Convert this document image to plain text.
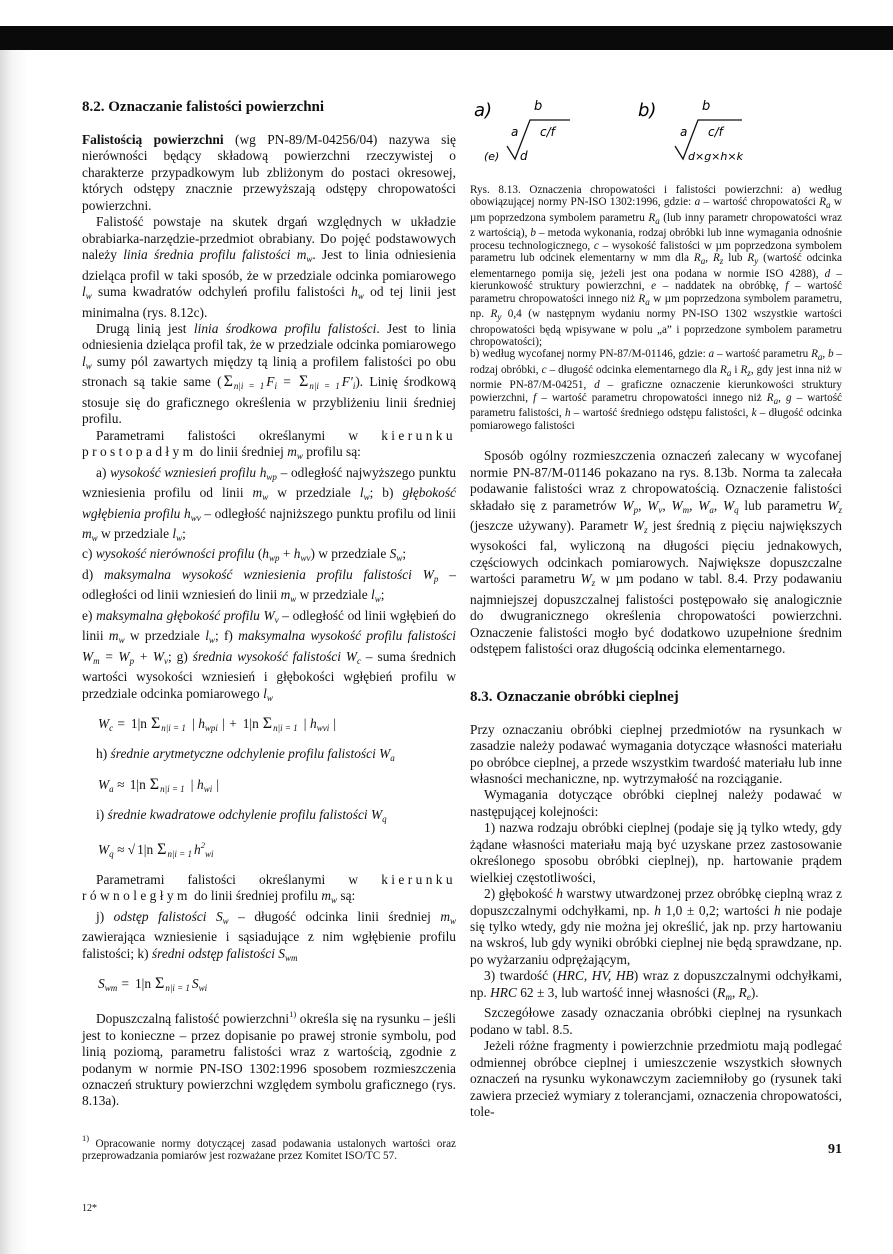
8.2. Oznaczanie falistości powierzchni

Falistością powierzchni (wg PN-89/M-04256/04) nazywa się nierówności będący składową powierzchni rzeczywistej o charakterze przypadkowym lub zbliżonym do postaci okresowej, których odstępy znacznie przewyższają odstępy chropowatości powierzchni.

Falistość powstaje na skutek drgań względnych w układzie obrabiarka-narzędzie-przedmiot obrabiany. Do pojęć podstawowych należy linia średnia profilu falistości $m_w$. Jest to linia odniesienia dzieląca profil w taki sposób, że w przedziale odcinka pomiarowego $l_w$ suma kwadratów odchyleń profilu falistości $h_w$ od tej linii jest minimalna (rys. 8.12c).

Drugą linią jest linia środkowa profilu falistości. Jest to linia odniesienia dzieląca profil tak, że w przedziale odcinka pomiarowego $l_w$ sumy pól zawartych między tą linią a profilem falistości po obu stronach są takie same ( $\Sigma_{n|i = 1}$ $F_i = \Sigma_{n|i = 1}$ $F'_i$). Linię środkową stosuje się do graficznego określenia w przybliżeniu linii średniej profilu.

Parametrami falistości określanymi w kierunku prostopadłym do linii średniej $m_w$ profilu są:

a) wysokość wzniesień profilu $h_{wp}$ – odległość najwyższego punktu wzniesienia profilu od linii $m_w$ w przedziale $l_w$; b) głębokość wgłębienia profilu $h_{wv}$ – odległość najniższego punktu profilu od linii $m_w$ w przedziale $l_w$;

c) wysokość nierówności profilu $(h_{wp} + h_{wv})$ w przedziale $S_w$;

d) maksymalna wysokość wzniesienia profilu falistości $W_p$ – odległości od linii wzniesień do linii $m_w$ w przedziale $l_w$;

e) maksymalna głębokość profilu $W_v$ – odległość od linii wgłębień do linii $m_w$ w przedziale $l_w$; f) maksymalna wysokość profilu falistości $W_m = W_p + W_v$; g) średnia wysokość falistości $W_c$ – suma średnich wartości wysokości wzniesień i głębokości wgłębień profilu w przedziale odcinka pomiarowego $l_w$

$W_c = 1|n$ $\Sigma_{n|i = 1}$ | $h_{wpi}$ | + 1|n $\Sigma_{n|i = 1}$ | $h_{wvi}$ |

h) średnie arytmetyczne odchylenie profilu falistości $W_a$

$W_a \approx 1|n$ $\Sigma_{n|i = 1}$ | $h_{wi}$ |

i) średnie kwadratowe odchylenie profilu falistości $W_q$

$W_q$ ≈ √ 1|n $\Sigma_{n|i = 1}$ $h^2_{wi}$

Parametrami falistości określanymi w kierunku równoległym do linii średniej profilu $m_w$ są:

j) odstęp falistości $S_w$ – długość odcinka linii średniej $m_w$ zawierająca wzniesienie i sąsiadujące z nim wgłębienie profilu falistości; k) średni odstęp falistości $S_{wm}$

$S_{wm} = 1|n$ $\Sigma_{n|i = 1}$ $S_{wi}$

Dopuszczalną falistość powierzchni$^{1)}$ określa się na rysunku – jeśli jest to konieczne – przez dopisanie po prawej stronie symbolu, pod linią poziomą, parametru falistości wraz z wartością, zgodnie z podanym w normie PN-ISO 1302:1996 sposobem rozmieszczenia oznaczeń struktury powierzchni względem symbolu graficznego (rys. 8.13a).

$^{1)}$ Opracowanie normy dotyczącej zasad podawania ustalonych wartości oraz przeprowadzania pomiarów jest rozważane przez Komitet ISO/TC 57.
12*
a)	b
a c/f
(e) d
b)	b
a c/f
d×g×h×k

Rys. 8.13. Oznaczenia chropowatości i falistości powierzchni: a) według obowiązującej normy PN-ISO 1302:1996, gdzie: a – wartość chropowatości $R_a$ w µm poprzedzona symbolem parametru $R_a$ (lub inny parametr chropowatości wraz z wartością), b – metoda wykonania, rodzaj obróbki lub inne wymagania odnośnie procesu technologicznego, c – wysokość falistości w µm poprzedzona symbolem parametru lub odcinek elementarny w mm dla $R_a$, $R_z$ lub $R_y$ (wartość odcinka elementarnego pomija się, jeżeli jest ona podana w normie ISO 4288), d – kierunkowość struktury powierzchni, e – naddatek na obróbkę, f – wartość parametru chropowatości innego niż $R_a$ w µm poprzedzona symbolem parametru, np. $R_y$ 0,4 (w następnym wydaniu normy PN-ISO 1302 wszystkie wartości chropowatości będą wpisywane w polu „a” i poprzedzone symbolem parametru chropowatości);

b) według wycofanej normy PN-87/M-01146, gdzie: a – wartość parametru $R_a$, b – rodzaj obróbki, c – długość odcinka elementarnego dla $R_a$ i $R_z$, gdy jest inna niż w normie PN-87/M-04251, d – graficzne oznaczenie kierunkowości struktury powierzchni, f – wartość parametru chropowatości innego niż $R_a$, g – wartość parametru falistości, h – wartość średniego odstępu falistości, k – długość odcinka pomiarowego falistości

Sposób ogólny rozmieszczenia oznaczeń zalecany w wycofanej normie PN-87/M-01146 pokazano na rys. 8.13b. Norma ta zalecała podawanie falistości wraz z chropowatością. Oznaczenie falistości składało się z parametrów $W_p$, $W_v$, $W_m$, $W_a$, $W_q$ lub parametru $W_z$ (jeszcze używany). Parametr $W_z$ jest średnią z pięciu największych wysokości fal, wyliczoną na długości pięciu jednakowych, częściowych odcinkach pomiarowych. Największe dopuszczalne wartości parametru $W_z$ w µm podano w tabl. 8.4. Przy podawaniu najmniejszej dopuszczalnej falistości postępowało się analogicznie do dwugranicznego określenia chropowatości powierzchni. Oznaczenie falistości mogło być dodatkowo uzupełnione średnim odstępem falistości oraz długością odcinka elementarnego.

8.3. Oznaczanie obróbki cieplnej

Przy oznaczaniu obróbki cieplnej przedmiotów na rysunkach w zasadzie należy podawać wymagania dotyczące własności materiału po obróbce cieplnej, a przede wszystkim twardość materiału lub inne własności mechaniczne, np. wytrzymałość na rozciąganie.

Wymagania dotyczące obróbki cieplnej należy podawać w następującej kolejności:

1) nazwa rodzaju obróbki cieplnej (podaje się ją tylko wtedy, gdy żądane własności materiału mają być uzyskane przez zastosowanie określonego sposobu obróbki cieplnej), np. hartowanie prądem wielkiej częstotliwości,

2) głębokość h warstwy utwardzonej przez obróbkę cieplną wraz z dopuszczalnymi odchyłkami, np. h 1,0 ± 0,2; wartości h nie podaje się tylko wtedy, gdy nie można jej określić, jak np. przy hartowaniu na wskroś, lub gdy wyniki obróbki cieplnej nie będą sprawdzane, np. po wyżarzaniu odprężającym,

3) twardość (HRC, HV, HB) wraz z dopuszczalnymi odchyłkami, np. HRC 62 ± 3, lub wartość innej własności ($R_m$, $R_e$).

Szczegółowe zasady oznaczania obróbki cieplnej na rysunkach podano w tabl. 8.5.

Jeżeli różne fragmenty i powierzchnie przedmiotu mają podlegać odmiennej obróbce cieplnej i umieszczenie wszystkich słownych oznaczeń na rysunku wykonawczym zaciemniłoby go (rysunek taki zawiera przecież wymiary z tolerancjami, oznaczenia chropowatości, tole-

91
